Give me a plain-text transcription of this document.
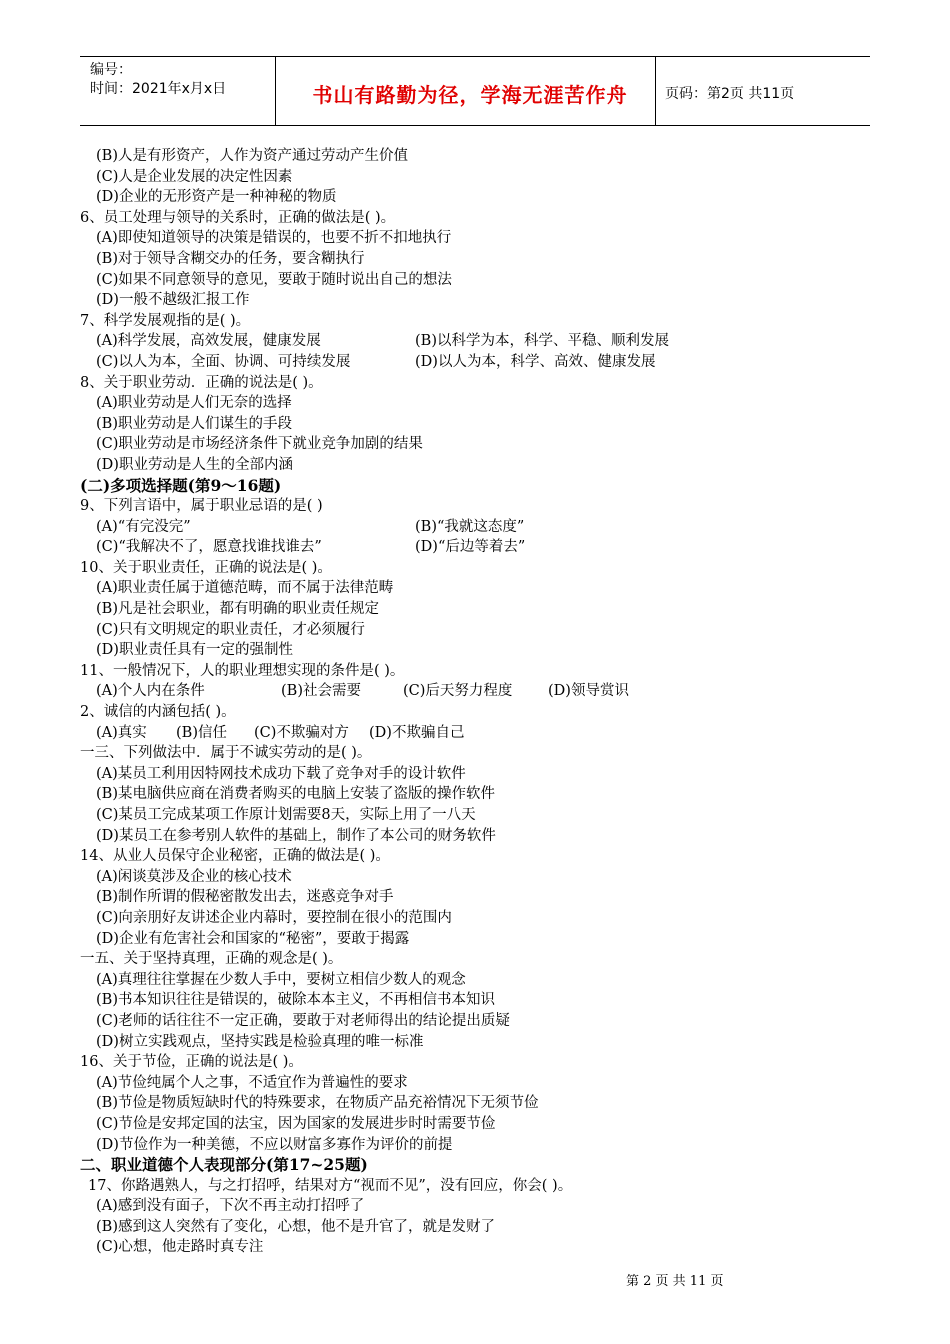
编号：
时间：2021年x月x日	书山有路勤为径，学海无涯苦作舟	页码：第2页 共11页
(B)人是有形资产，人作为资产通过劳动产生价值
(C)人是企业发展的决定性因素
(D)企业的无形资产是一种神秘的物质
6、员工处理与领导的关系时，正确的做法是( )。
(A)即使知道领导的决策是错误的，也要不折不扣地执行
(B)对于领导含糊交办的任务，要含糊执行
(C)如果不同意领导的意见，要敢于随时说出自己的想法
(D)一般不越级汇报工作
7、科学发展观指的是( )。
(A)科学发展，高效发展，健康发展	(B)以科学为本，科学、平稳、顺利发展
(C)以人为本，全面、协调、可持续发展	(D)以人为本，科学、高效、健康发展
8、关于职业劳动．正确的说法是( )。
(A)职业劳动是人们无奈的选择
(B)职业劳动是人们谋生的手段
(C)职业劳动是市场经济条件下就业竞争加剧的结果
(D)职业劳动是人生的全部内涵
(二)多项选择题(第9～16题)
9、下列言语中，属于职业忌语的是( )
(A)“有完没完”	(B)“我就这态度”
(C)“我解决不了，愿意找谁找谁去”	(D)“后边等着去”
10、关于职业责任，正确的说法是( )。
(A)职业责任属于道德范畴，而不属于法律范畴
(B)凡是社会职业，都有明确的职业责任规定
(C)只有文明规定的职业责任，才必须履行
(D)职业责任具有一定的强制性
11、一般情况下，人的职业理想实现的条件是( )。
(A)个人内在条件	(B)社会需要	(C)后天努力程度 (D)领导赏识
2、诚信的内涵包括( )。
(A)真实 (B)信任 (C)不欺骗对方 (D)不欺骗自己
一三、下列做法中．属于不诚实劳动的是( )。
(A)某员工利用因特网技术成功下载了竞争对手的设计软件
(B)某电脑供应商在消费者购买的电脑上安装了盗版的操作软件
(C)某员工完成某项工作原计划需要8天，实际上用了一八天
(D)某员工在参考别人软件的基础上，制作了本公司的财务软件
14、从业人员保守企业秘密，正确的做法是( )。
(A)闲谈莫涉及企业的核心技术
(B)制作所谓的假秘密散发出去，迷惑竞争对手
(C)向亲朋好友讲述企业内幕时，要控制在很小的范围内
(D)企业有危害社会和国家的“秘密”，要敢于揭露
一五、关于坚持真理，正确的观念是( )。
(A)真理往往掌握在少数人手中，要树立相信少数人的观念
(B)书本知识往往是错误的，破除本本主义，不再相信书本知识
(C)老师的话往往不一定正确，要敢于对老师得出的结论提出质疑
(D)树立实践观点，坚持实践是检验真理的唯一标准
16、关于节俭，正确的说法是( )。
(A)节俭纯属个人之事，不适宜作为普遍性的要求
(B)节俭是物质短缺时代的特殊要求，在物质产品充裕情况下无须节俭
(C)节俭是安邦定国的法宝，因为国家的发展进步时时需要节俭
(D)节俭作为一种美德，不应以财富多寡作为评价的前提
二、职业道德个人表现部分(第17~25题)
17、你路遇熟人，与之打招呼，结果对方“视而不见”，没有回应，你会( )。
(A)感到没有面子，下次不再主动打招呼了
(B)感到这人突然有了变化，心想，他不是升官了，就是发财了
(C)心想，他走路时真专注
第 2 页 共 11 页
